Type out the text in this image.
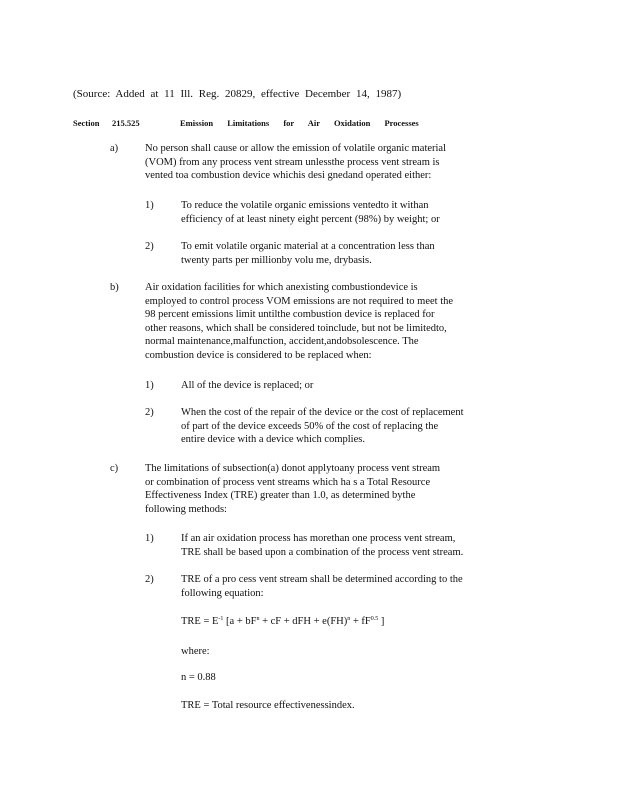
(Source: Added at 11 Ill. Reg. 20829, effective December 14, 1987)
Section 215.525	Emission Limitations for Air Oxidation Processes
a)	No person shall cause or allow the emission of volatile organic material
(VOM) from any process vent stream unlessthe process vent stream is
vented toa combustion device whichis desi gnedand operated either:
1)	To reduce the volatile organic emissions ventedto it withan
efficiency of at least ninety eight percent (98%) by weight; or
2)	To emit volatile organic material at a concentration less than
twenty parts per millionby volu me, drybasis.
b)	Air oxidation facilities for which anexisting combustiondevice is
employed to control process VOM emissions are not required to meet the
98 percent emissions limit untilthe combustion device is replaced for
other reasons, which shall be considered toinclude, but not be limitedto,
normal maintenance,malfunction, accident,andobsolescence. The
combustion device is considered to be replaced when:
1)	All of the device is replaced; or
2)	When the cost of the repair of the device or the cost of replacement
of part of the device exceeds 50% of the cost of replacing the
entire device with a device which complies.
c)	The limitations of subsection(a) donot applytoany process vent stream
or combination of process vent streams which ha s a Total Resource
Effectiveness Index (TRE) greater than 1.0, as determined bythe
following methods:
1)	If an air oxidation process has morethan one process vent stream,
TRE shall be based upon a combination of the process vent stream.
2)	TRE of a pro cess vent stream shall be determined according to the
following equation:
TRE = $E^{-1}$ [$a + bF^n$ + cF + dFH + $e(FH)^n + fF^{0.5}$ ]
where:
n = 0.88
TRE = Total resource effectivenessindex.
